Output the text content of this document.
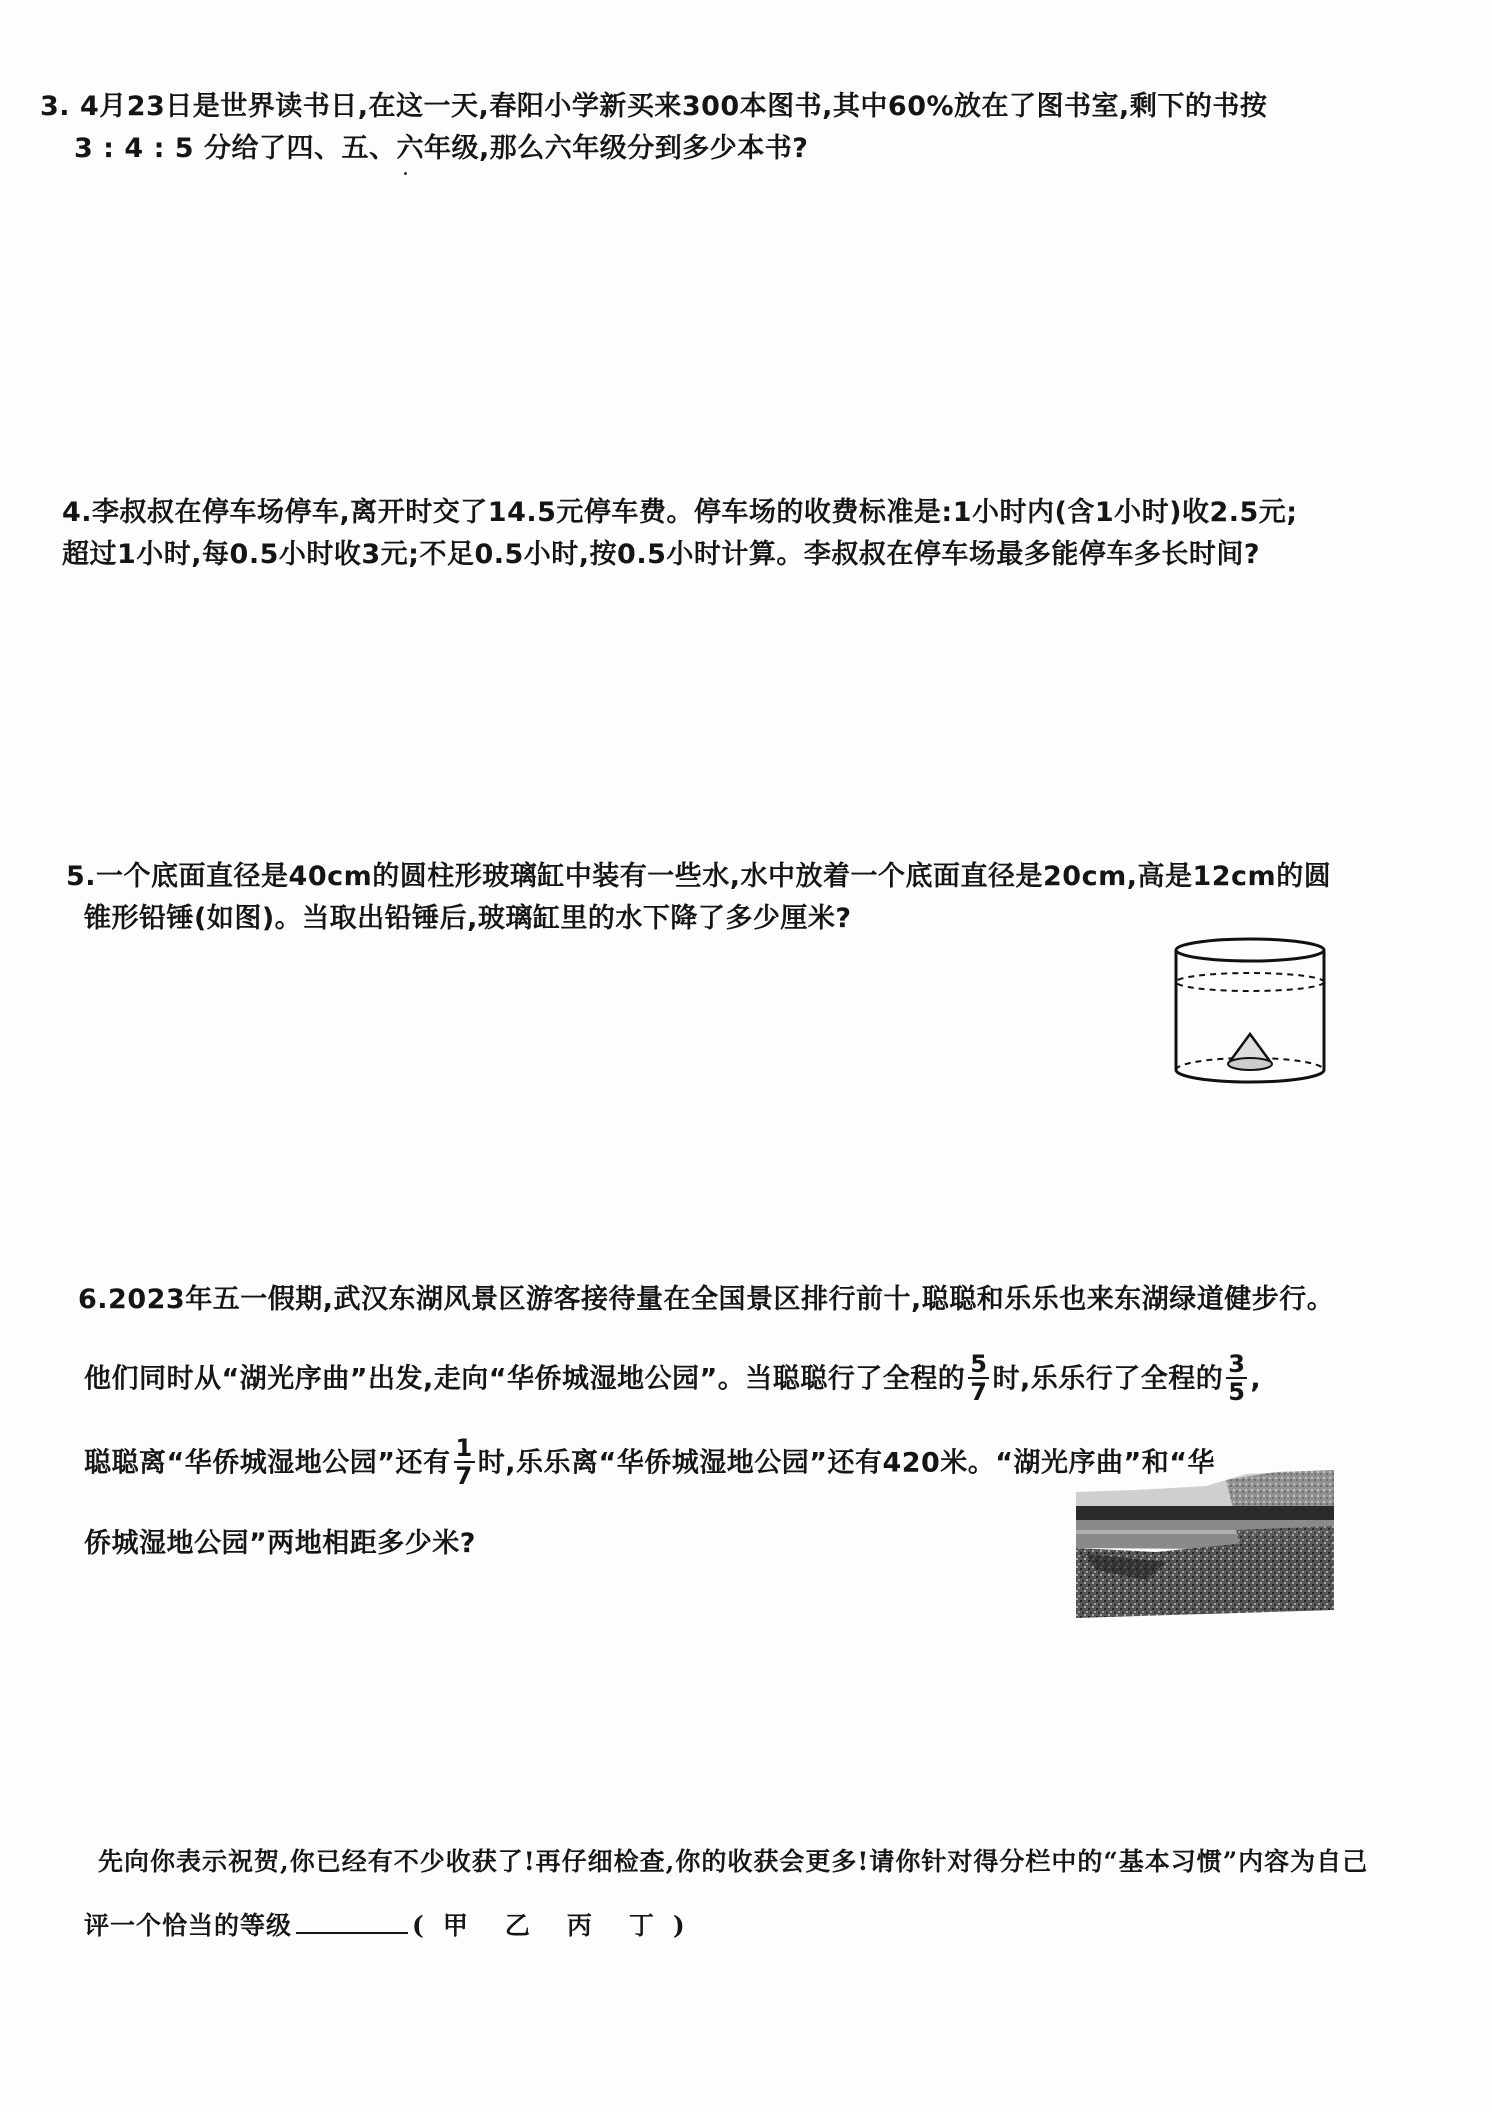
3. 4月23日是世界读书日,在这一天,春阳小学新买来300本图书,其中60%放在了图书室,剩下的书按
3 : 4 : 5 分给了四、五、六年级,那么六年级分到多少本书?
4.李叔叔在停车场停车,离开时交了14.5元停车费。停车场的收费标准是:1小时内(含1小时)收2.5元;
超过1小时,每0.5小时收3元;不足0.5小时,按0.5小时计算。李叔叔在停车场最多能停车多长时间?
5.一个底面直径是40cm的圆柱形玻璃缸中装有一些水,水中放着一个底面直径是20cm,高是12cm的圆
锥形铅锤(如图)。当取出铅锤后,玻璃缸里的水下降了多少厘米?
6.2023年五一假期,武汉东湖风景区游客接待量在全国景区排行前十,聪聪和乐乐也来东湖绿道健步行。
他们同时从“湖光序曲”出发,走向“华侨城湿地公园”。当聪聪行了全程的 $\frac{5}{7}$ 时,乐乐行了全程的 $\frac{3}{5}$ ,
聪聪离“华侨城湿地公园”还有 $\frac{1}{7}$ 时,乐乐离“华侨城湿地公园”还有420米。“湖光序曲”和“华
侨城湿地公园”两地相距多少米?
先向你表示祝贺,你已经有不少收获了!再仔细检查,你的收获会更多!请你针对得分栏中的“基本习惯”内容为自己
评一个恰当的等级	( 甲 乙 丙 丁 )
